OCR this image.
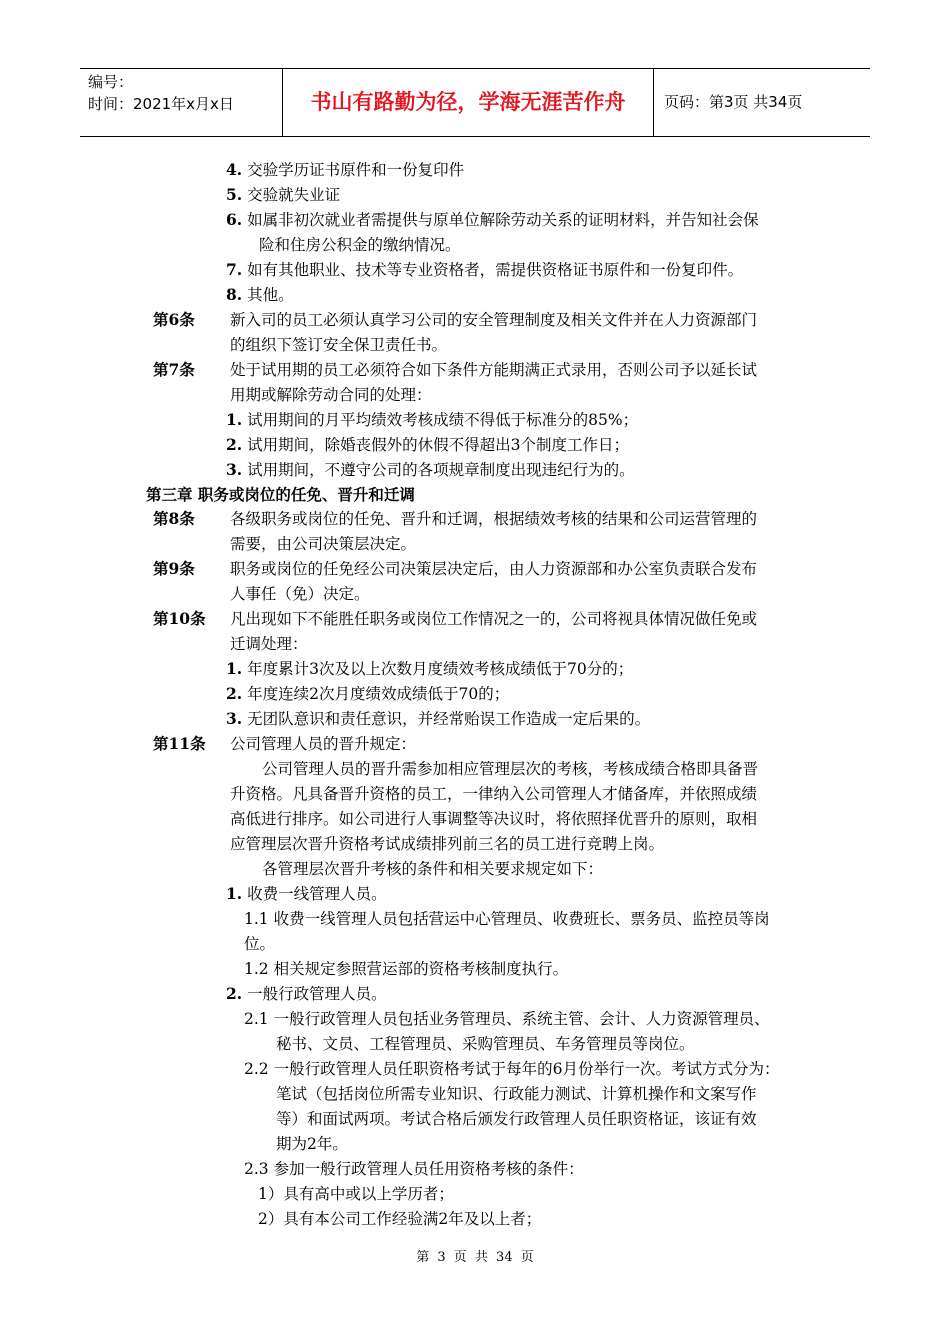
编号：
时间：2021年x月x日	书山有路勤为径，学海无涯苦作舟	页码：第3页 共34页
4. 交验学历证书原件和一份复印件
5. 交验就失业证
6. 如属非初次就业者需提供与原单位解除劳动关系的证明材料，并告知社会保
险和住房公积金的缴纳情况。
7. 如有其他职业、技术等专业资格者，需提供资格证书原件和一份复印件。
8. 其他。
第6条 新入司的员工必须认真学习公司的安全管理制度及相关文件并在人力资源部门
的组织下签订安全保卫责任书。
第7条 处于试用期的员工必须符合如下条件方能期满正式录用，否则公司予以延长试
用期或解除劳动合同的处理：
1. 试用期间的月平均绩效考核成绩不得低于标准分的85%；
2. 试用期间，除婚丧假外的休假不得超出3个制度工作日；
3. 试用期间，不遵守公司的各项规章制度出现违纪行为的。
第三章 职务或岗位的任免、晋升和迁调
第8条 各级职务或岗位的任免、晋升和迁调，根据绩效考核的结果和公司运营管理的
需要，由公司决策层决定。
第9条 职务或岗位的任免经公司决策层决定后，由人力资源部和办公室负责联合发布
人事任（免）决定。
第10条 凡出现如下不能胜任职务或岗位工作情况之一的，公司将视具体情况做任免或
迁调处理：
1. 年度累计3次及以上次数月度绩效考核成绩低于70分的；
2. 年度连续2次月度绩效成绩低于70的；
3. 无团队意识和责任意识，并经常贻误工作造成一定后果的。
第11条 公司管理人员的晋升规定：
公司管理人员的晋升需参加相应管理层次的考核，考核成绩合格即具备晋
升资格。凡具备晋升资格的员工，一律纳入公司管理人才储备库，并依照成绩
高低进行排序。如公司进行人事调整等决议时，将依照择优晋升的原则，取相
应管理层次晋升资格考试成绩排列前三名的员工进行竞聘上岗。
各管理层次晋升考核的条件和相关要求规定如下：
1. 收费一线管理人员。
1.1 收费一线管理人员包括营运中心管理员、收费班长、票务员、监控员等岗
位。
1.2 相关规定参照营运部的资格考核制度执行。
2. 一般行政管理人员。
2.1 一般行政管理人员包括业务管理员、系统主管、会计、人力资源管理员、
秘书、文员、工程管理员、采购管理员、车务管理员等岗位。
2.2 一般行政管理人员任职资格考试于每年的6月份举行一次。考试方式分为：
笔试（包括岗位所需专业知识、行政能力测试、计算机操作和文案写作
等）和面试两项。考试合格后颁发行政管理人员任职资格证，该证有效
期为2年。
2.3 参加一般行政管理人员任用资格考核的条件：
1）具有高中或以上学历者；
2）具有本公司工作经验满2年及以上者；
第 3 页 共 34 页
